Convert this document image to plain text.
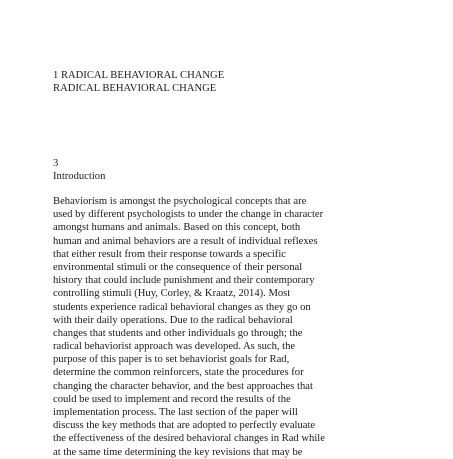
1 RADICAL BEHAVIORAL CHANGE
RADICAL BEHAVIORAL CHANGE
3
Introduction
Behaviorism is amongst the psychological concepts that are
used by different psychologists to under the change in character
amongst humans and animals. Based on this concept, both
human and animal behaviors are a result of individual reflexes
that either result from their response towards a specific
environmental stimuli or the consequence of their personal
history that could include punishment and their contemporary
controlling stimuli (Huy, Corley, & Kraatz, 2014). Most
students experience radical behavioral changes as they go on
with their daily operations. Due to the radical behavioral
changes that students and other individuals go through; the
radical behaviorist approach was developed. As such, the
purpose of this paper is to set behaviorist goals for Rad,
determine the common reinforcers, state the procedures for
changing the character behavior, and the best approaches that
could be used to implement and record the results of the
implementation process. The last section of the paper will
discuss the key methods that are adopted to perfectly evaluate
the effectiveness of the desired behavioral changes in Rad while
at the same time determining the key revisions that may be
